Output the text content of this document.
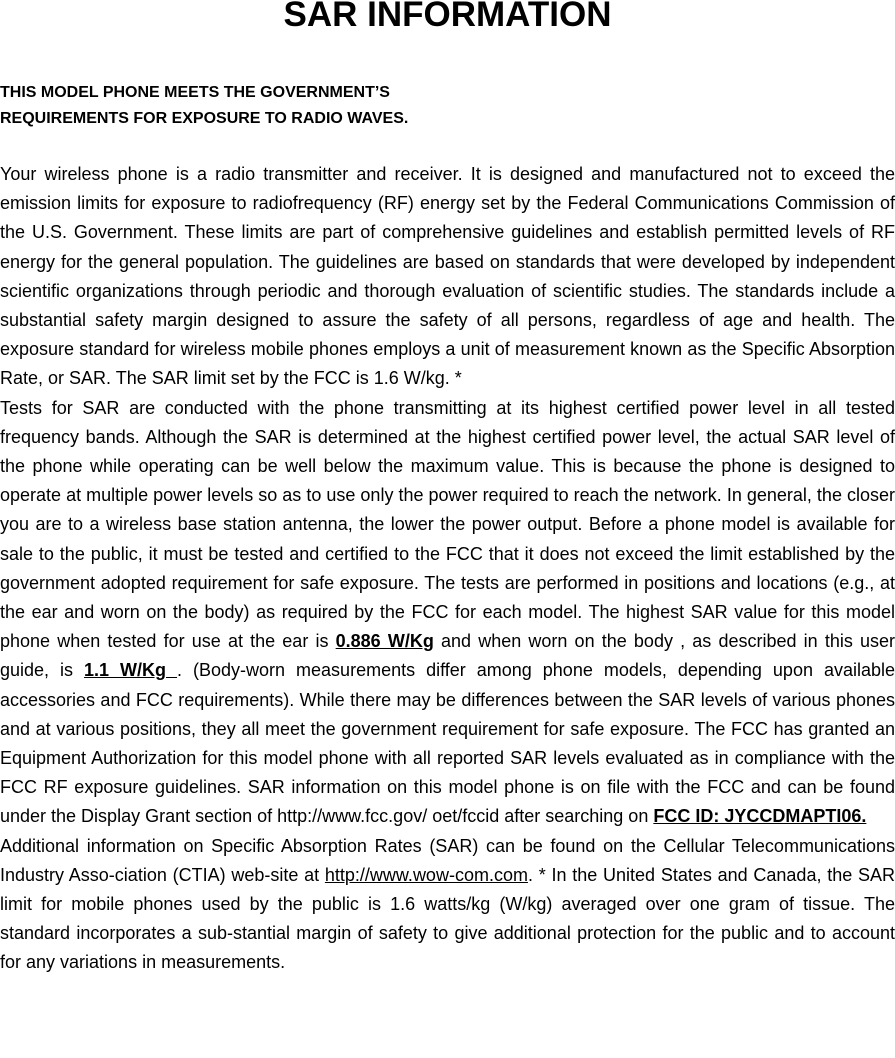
SAR INFORMATION
THIS MODEL PHONE MEETS THE GOVERNMENT’S
REQUIREMENTS FOR EXPOSURE TO RADIO WAVES.

Your wireless phone is a radio transmitter and receiver. It is designed and manufactured not to exceed the emission limits for exposure to radiofrequency (RF) energy set by the Federal Communications Commission of the U.S. Government. These limits are part of comprehensive guidelines and establish permitted levels of RF energy for the general population. The guidelines are based on standards that were developed by independent scientific organizations through periodic and thorough evaluation of scientific studies. The standards include a substantial safety margin designed to assure the safety of all persons, regardless of age and health. The exposure standard for wireless mobile phones employs a unit of measurement known as the Specific Absorption Rate, or SAR. The SAR limit set by the FCC is 1.6 W/kg. *

Tests for SAR are conducted with the phone transmitting at its highest certified power level in all tested frequency bands. Although the SAR is determined at the highest certified power level, the actual SAR level of the phone while operating can be well below the maximum value. This is because the phone is designed to operate at multiple power levels so as to use only the power required to reach the network. In general, the closer you are to a wireless base station antenna, the lower the power output. Before a phone model is available for sale to the public, it must be tested and certified to the FCC that it does not exceed the limit established by the government adopted requirement for safe exposure. The tests are performed in positions and locations (e.g., at the ear and worn on the body) as required by the FCC for each model. The highest SAR value for this model phone when tested for use at the ear is 0.886 W/Kg and when worn on the body , as described in this user guide, is 1.1 W/Kg . (Body-worn measurements differ among phone models, depending upon available accessories and FCC requirements). While there may be differences between the SAR levels of various phones and at various positions, they all meet the government requirement for safe exposure. The FCC has granted an Equipment Authorization for this model phone with all reported SAR levels evaluated as in compliance with the FCC RF exposure guidelines. SAR information on this model phone is on file with the FCC and can be found under the Display Grant section of http://www.fcc.gov/ oet/fccid after searching on FCC ID: JYCCDMAPTI06.

Additional information on Specific Absorption Rates (SAR) can be found on the Cellular Telecommunications Industry Asso-ciation (CTIA) web-site at http://www.wow-com.com. * In the United States and Canada, the SAR limit for mobile phones used by the public is 1.6 watts/kg (W/kg) averaged over one gram of tissue. The standard incorporates a sub-stantial margin of safety to give additional protection for the public and to account for any variations in measurements.
